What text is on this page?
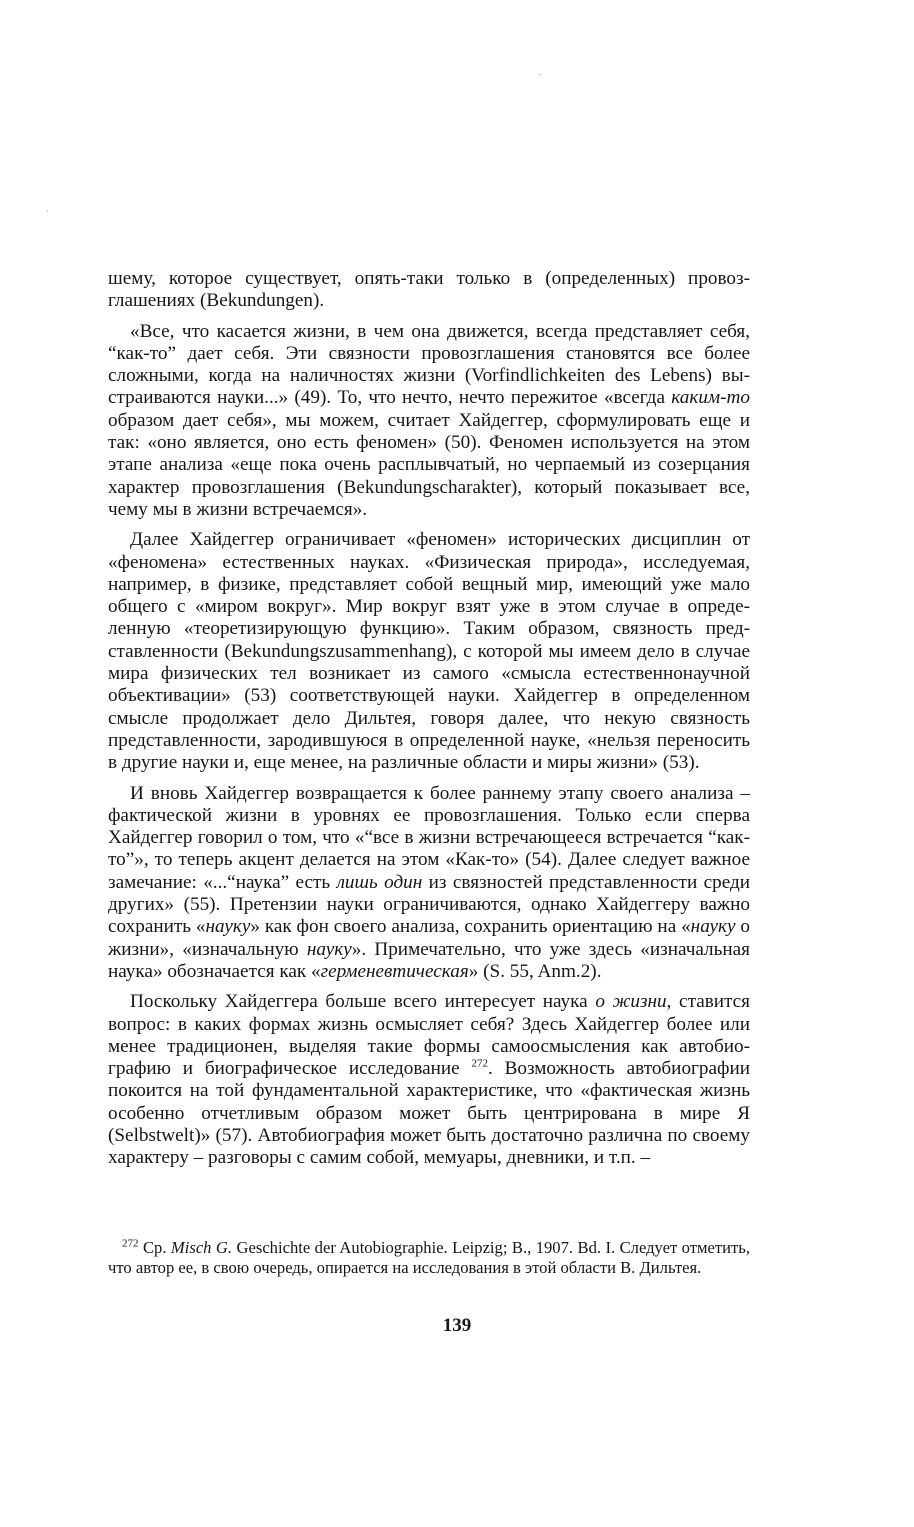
шему, которое существует, опять-таки только в (определенных) провозглашениях (Bekundungen).

«Все, что касается жизни, в чем она движется, всегда представляет себя, “как-то” дает себя. Эти связности провозглашения становятся все более сложными, когда на наличностях жизни (Vorfindlichkeiten des Lebens) выстраиваются науки...» (49). То, что нечто, нечто пережитое «всегда каким-то образом дает себя», мы можем, считает Хайдеггер, сформулировать еще и так: «оно является, оно есть феномен» (50). Феномен используется на этом этапе анализа «еще пока очень расплывчатый, но черпаемый из созерцания характер провозглашения (Bekundungscharakter), который показывает все, чему мы в жизни встречаемся».

Далее Хайдеггер ограничивает «феномен» исторических дисциплин от «феномена» естественных науках. «Физическая природа», исследуемая, например, в физике, представляет собой вещный мир, имеющий уже мало общего с «миром вокруг». Мир вокруг взят уже в этом случае в определенную «теоретизирующую функцию». Таким образом, связность представленности (Bekundungszusammenhang), с которой мы имеем дело в случае мира физических тел возникает из самого «смысла естественнонаучной объективации» (53) соответствующей науки. Хайдеггер в определенном смысле продолжает дело Дильтея, говоря далее, что некую связность представленности, зародившуюся в определенной науке, «нельзя переносить в другие науки и, еще менее, на различные области и миры жизни» (53).

И вновь Хайдеггер возвращается к более раннему этапу своего анализа – фактической жизни в уровнях ее провозглашения. Только если сперва Хайдеггер говорил о том, что «“все в жизни встречающееся встречается “как-то”», то теперь акцент делается на этом «Как-то» (54). Далее следует важное замечание: «...“наука” есть лишь один из связностей представленности среди других» (55). Претензии науки ограничиваются, однако Хайдеггеру важно сохранить «науку» как фон своего анализа, сохранить ориентацию на «науку о жизни», «изначальную науку». Примечательно, что уже здесь «изначальная наука» обозначается как «герменевтическая» (S. 55, Anm.2).

Поскольку Хайдеггера больше всего интересует наука о жизни, ставится вопрос: в каких формах жизнь осмысляет себя? Здесь Хайдеггер более или менее традиционен, выделяя такие формы самоосмысления как автобиографию и биографическое исследование $^{272}$. Возможность автобиографии покоится на той фундаментальной характеристике, что «фактическая жизнь особенно отчетливым образом может быть центрирована в мире Я (Selbstwelt)» (57). Автобиография может быть достаточно различна по своему характеру – разговоры с самим собой, мемуары, дневники, и т.п. –

$^{272}$ Ср. Misch G. Geschichte der Autobiographie. Leipzig; B., 1907. Bd. I. Следует отметить, что автор ее, в свою очередь, опирается на исследования в этой области В. Дильтея.

139
